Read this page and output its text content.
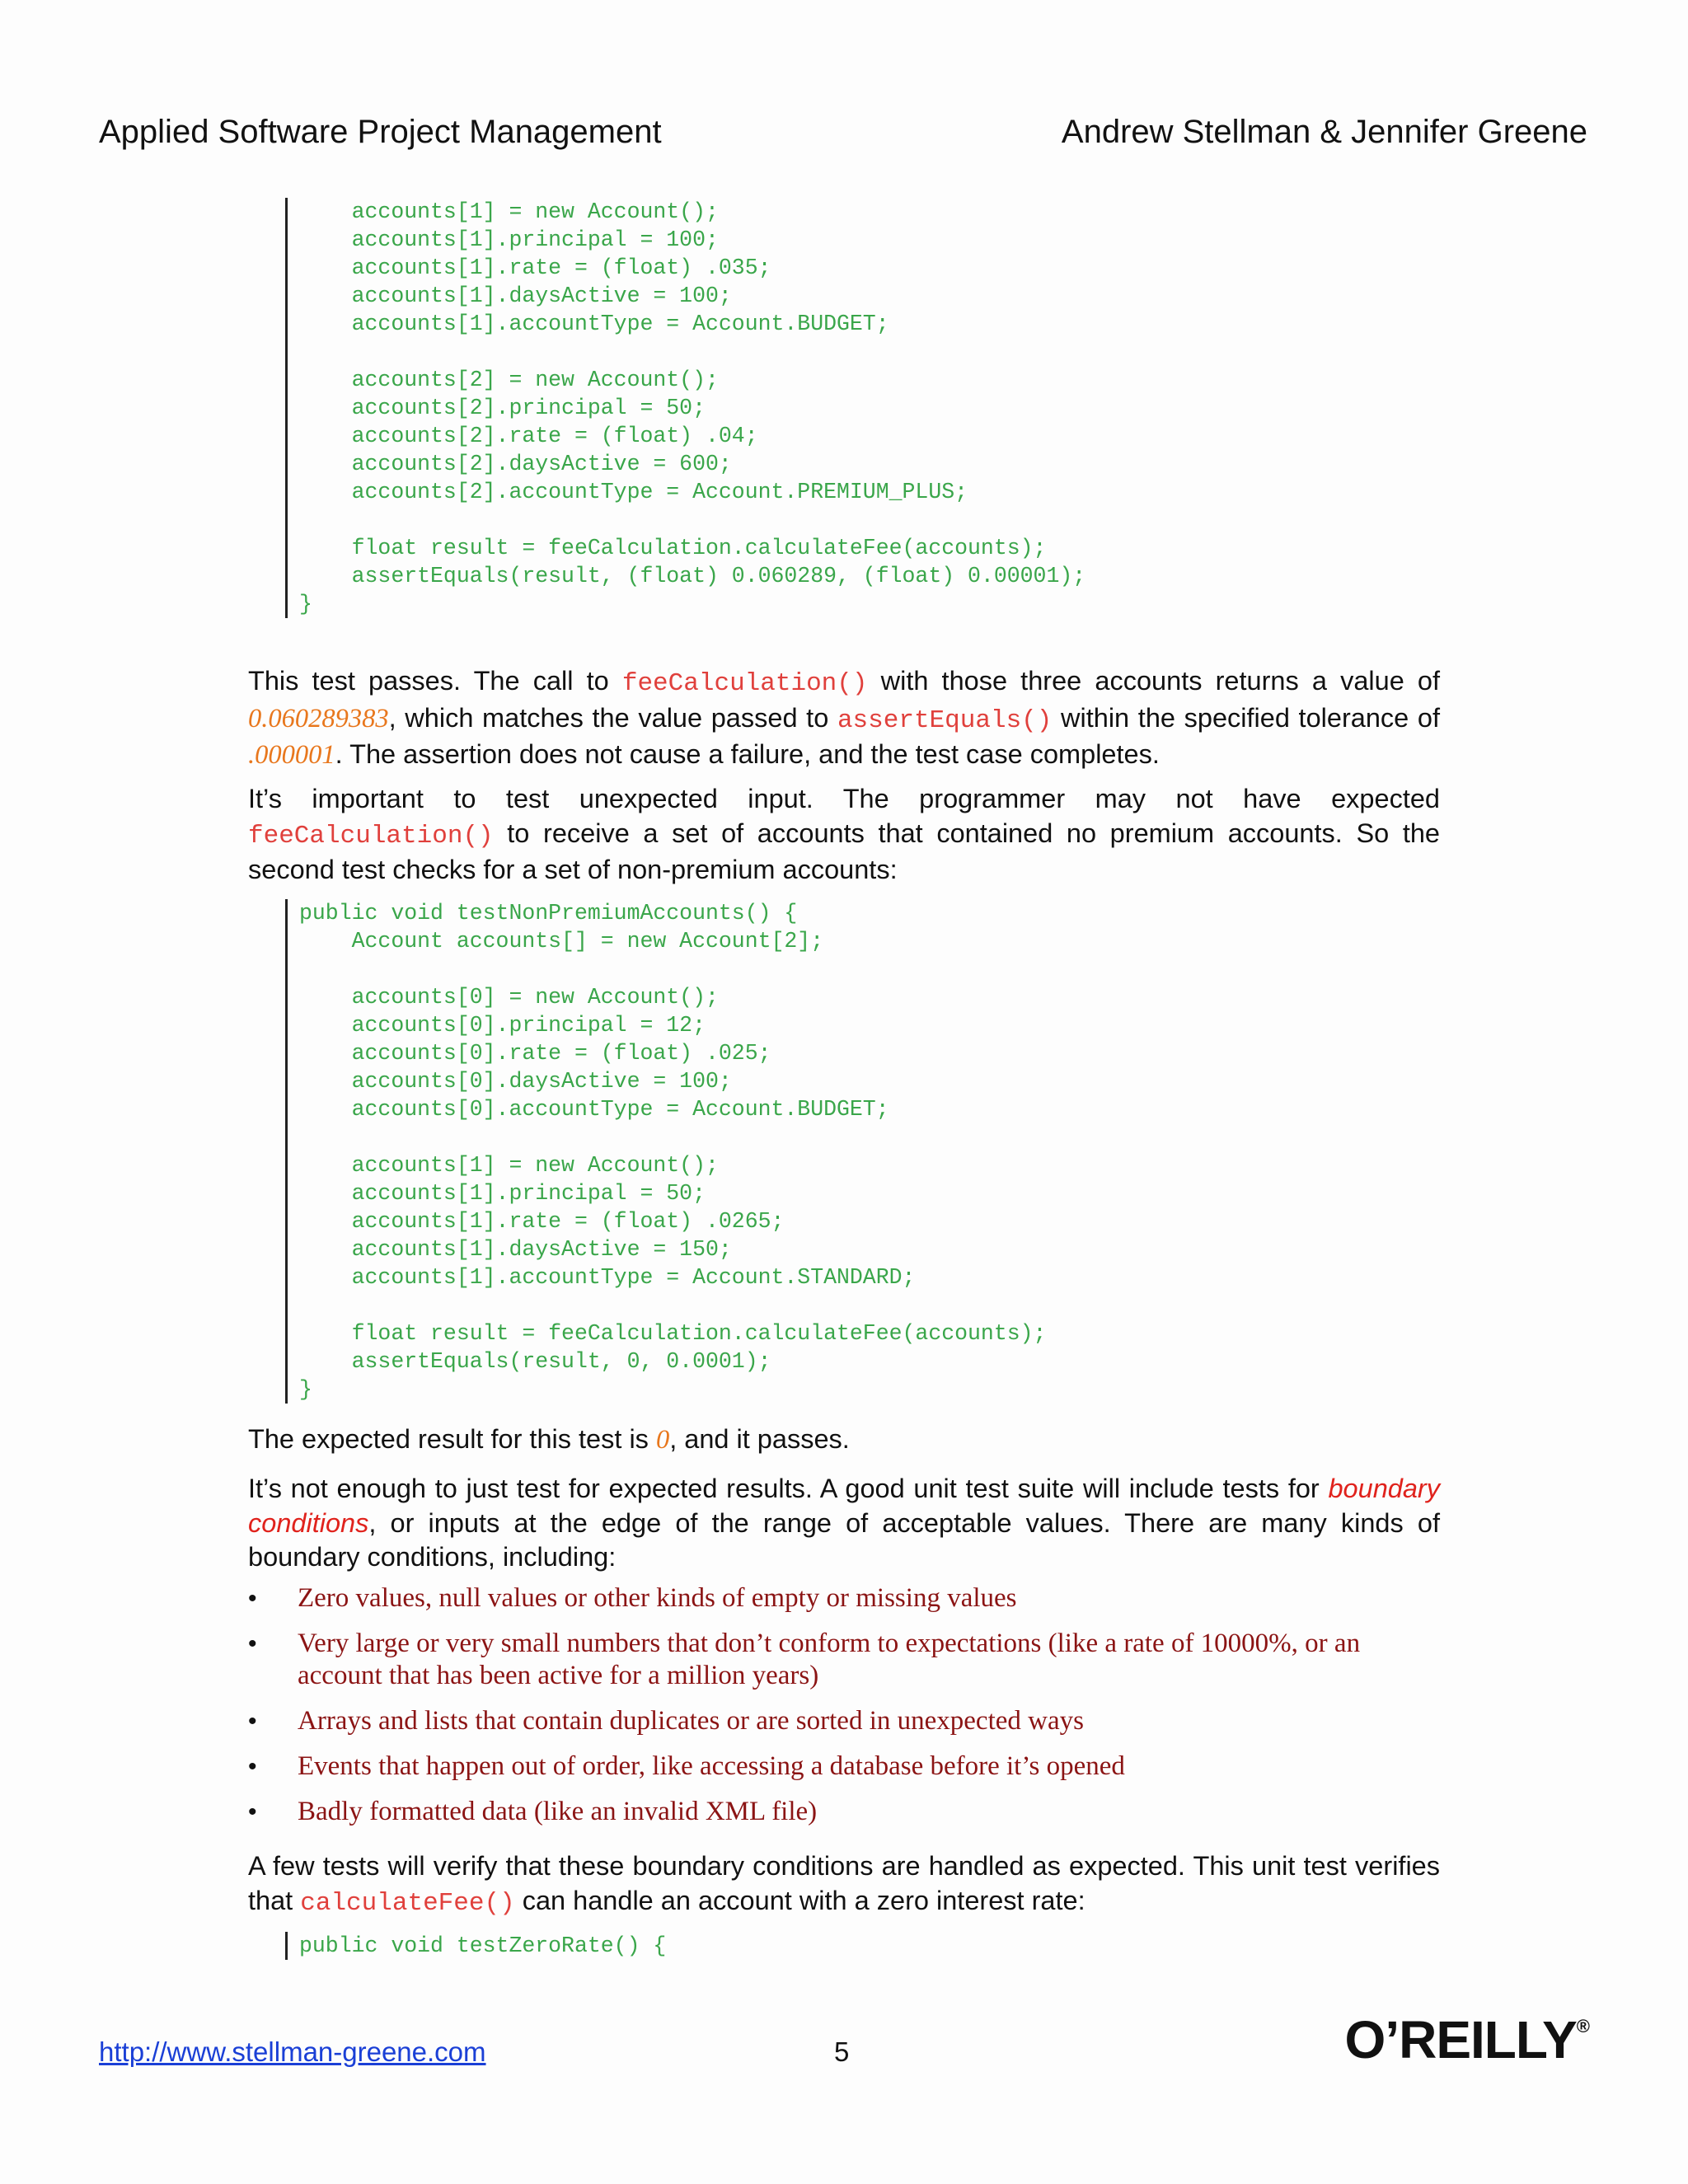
Applied Software Project Management	Andrew Stellman & Jennifer Greene
accounts[1] = new Account();
accounts[1].principal = 100;
accounts[1].rate = (float) .035;
accounts[1].daysActive = 100;
accounts[1].accountType = Account.BUDGET;

accounts[2] = new Account();
accounts[2].principal = 50;
accounts[2].rate = (float) .04;
accounts[2].daysActive = 600;
accounts[2].accountType = Account.PREMIUM_PLUS;

float result = feeCalculation.calculateFee(accounts);
assertEquals(result, (float) 0.060289, (float) 0.00001);
}

This test passes. The call to feeCalculation() with those three accounts returns a value of 0.060289383, which matches the value passed to assertEquals() within the specified tolerance of .000001. The assertion does not cause a failure, and the test case completes.

It’s important to test unexpected input. The programmer may not have expected feeCalculation() to receive a set of accounts that contained no premium accounts. So the second test checks for a set of non-premium accounts:

public void testNonPremiumAccounts() {
Account accounts[] = new Account[2];

accounts[0] = new Account();
accounts[0].principal = 12;
accounts[0].rate = (float) .025;
accounts[0].daysActive = 100;
accounts[0].accountType = Account.BUDGET;

accounts[1] = new Account();
accounts[1].principal = 50;
accounts[1].rate = (float) .0265;
accounts[1].daysActive = 150;
accounts[1].accountType = Account.STANDARD;

float result = feeCalculation.calculateFee(accounts);
assertEquals(result, 0, 0.0001);
}

The expected result for this test is 0, and it passes.

It’s not enough to just test for expected results. A good unit test suite will include tests for boundary conditions, or inputs at the edge of the range of acceptable values. There are many kinds of boundary conditions, including:

• Zero values, null values or other kinds of empty or missing values
• Very large or very small numbers that don’t conform to expectations (like a rate of 10000%, or an account that has been active for a million years)
• Arrays and lists that contain duplicates or are sorted in unexpected ways
• Events that happen out of order, like accessing a database before it’s opened
• Badly formatted data (like an invalid XML file)

A few tests will verify that these boundary conditions are handled as expected. This unit test verifies that calculateFee() can handle an account with a zero interest rate:

public void testZeroRate() {
http://www.stellman-greene.com	5	O’REILLY®
